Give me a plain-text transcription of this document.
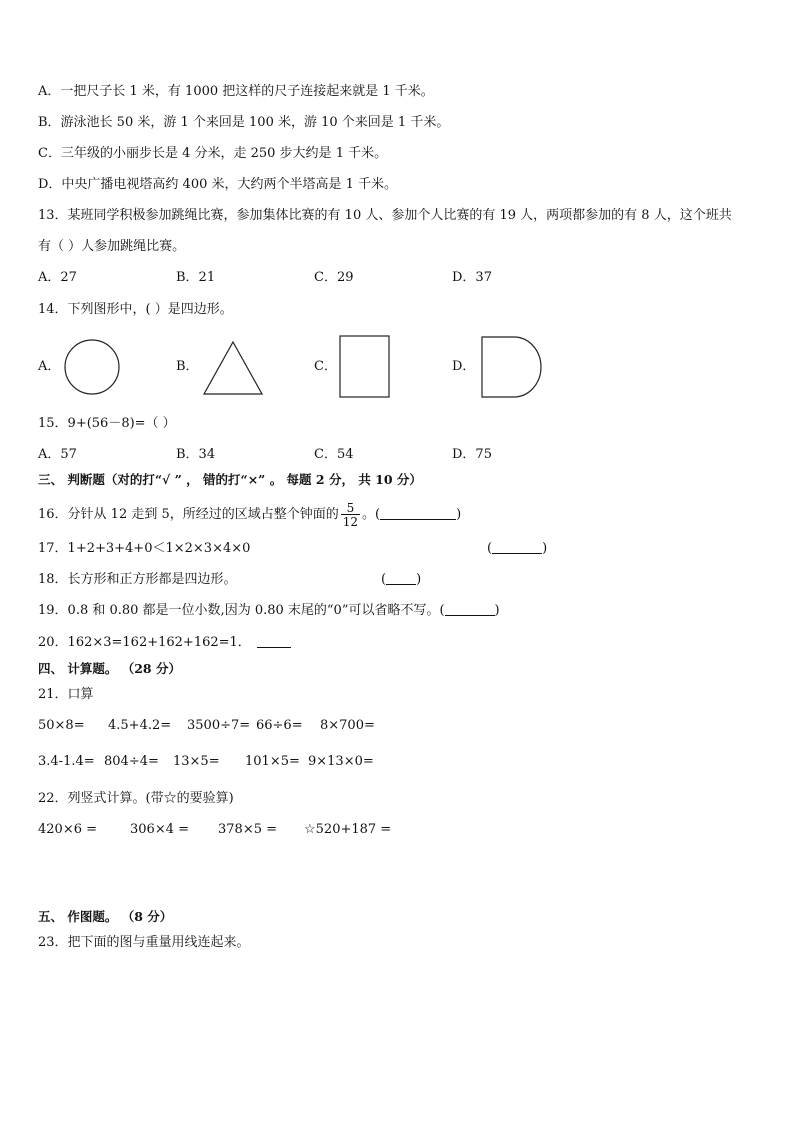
A．一把尺子长 1 米，有 1000 把这样的尺子连接起来就是 1 千米。
B．游泳池长 50 米，游 1 个来回是 100 米，游 10 个来回是 1 千米。
C．三年级的小丽步长是 4 分米，走 250 步大约是 1 千米。
D．中央广播电视塔高约 400 米，大约两个半塔高是 1 千米。
13．某班同学积极参加跳绳比赛，参加集体比赛的有 10 人、参加个人比赛的有 19 人，两项都参加的有 8 人，这个班共
有（ ）人参加跳绳比赛。
A．27	B．21	C．29	D．37
14．下列图形中，( ）是四边形。
A．	B．	C．	D．
15．9+(56－8)=（ ）
A．57	B．34	C．54	D．75
三、 判断题（对的打“√ ” ， 错的打“×” 。 每题 2 分， 共 10 分）
16．分针从 12 走到 5，所经过的区域占整个钟面的 $\frac{5}{12}$ 。(	)
17．1+2+3+4+0＜1×2×3×4×0	(	)
18．长方形和正方形都是四边形。	( )
19．0.8 和 0.80 都是一位小数,因为 0.80 末尾的“0”可以省略不写。(	)
20．162×3=162+162+162=1．
四、 计算题。 （28 分）
21．口算
50×8= 4.5+4.2= 3500÷7= 66÷6= 8×700=
3.4-1.4= 804÷4= 13×5= 101×5= 9×13×0=
22．列竖式计算。(带☆的要验算)
420×6 =	306×4 = 378×5 = ☆520+187 =
五、 作图题。 （8 分）
23．把下面的图与重量用线连起来。
